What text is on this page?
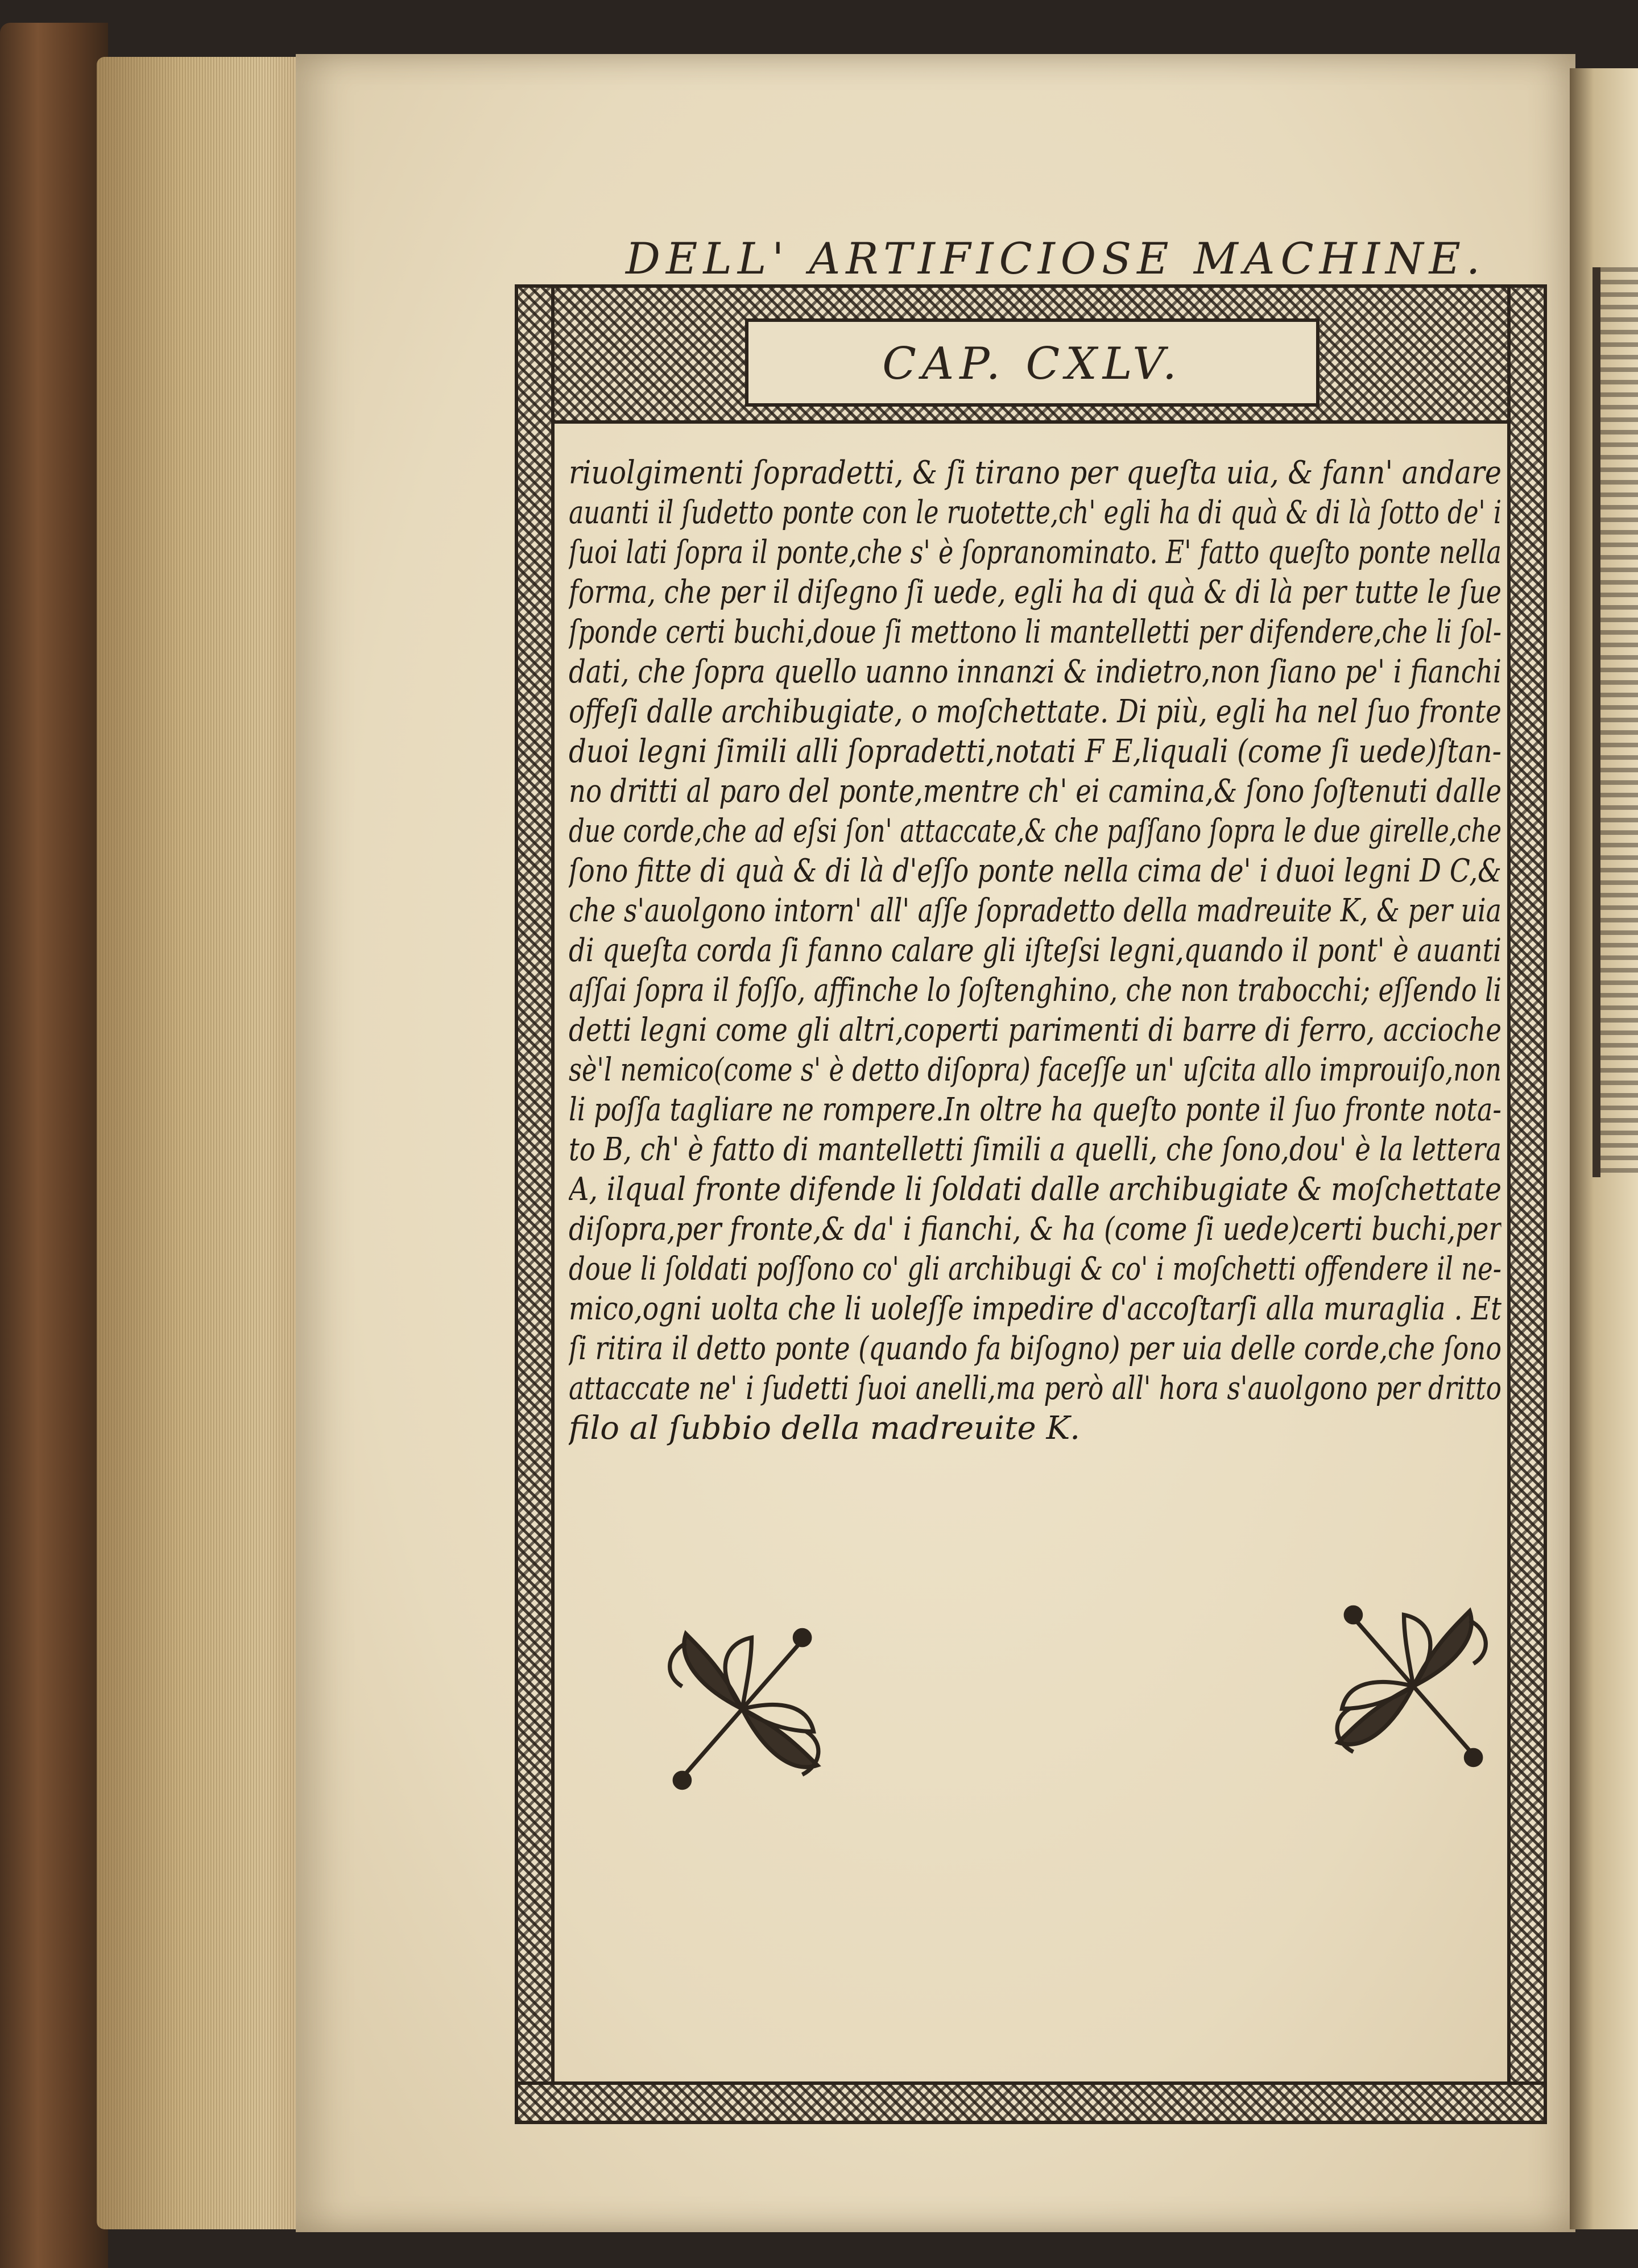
DELL' ARTIFICIOSE MACHINE.
CAP. CXLV.
riuolgimenti ſopradetti, & ſi tirano per queſta uia, & fann' andare
auanti il ſudetto ponte con le ruotette,ch' egli ha di quà & di là ſotto de' i
ſuoi lati ſopra il ponte,che s' è ſopranominato. E' fatto queſto ponte nella
forma, che per il diſegno ſi uede, egli ha di quà & di là per tutte le ſue
ſponde certi buchi,doue ſi mettono li mantelletti per difendere,che li ſol-
dati, che ſopra quello uanno innanzi & indietro,non ſiano pe' i fianchi
offeſi dalle archibugiate, o moſchettate. Di più, egli ha nel ſuo fronte
duoi legni ſimili alli ſopradetti,notati F E,liquali (come ſi uede)ſtan-
no dritti al paro del ponte,mentre ch' ei camina,& ſono ſoſtenuti dalle
due corde,che ad eſsi ſon' attaccate,& che paſſano ſopra le due girelle,che
ſono fitte di quà & di là d'eſſo ponte nella cima de' i duoi legni D C,&
che s'auolgono intorn' all' aſſe ſopradetto della madreuite K, & per uia
di queſta corda ſi fanno calare gli iſteſsi legni,quando il pont' è auanti
aſſai ſopra il foſſo, affinche lo ſoſtenghino, che non trabocchi; eſſendo li
detti legni come gli altri,coperti parimenti di barre di ferro, accioche
sè'l nemico(come s' è detto diſopra) faceſſe un' uſcita allo improuiſo,non
li poſſa tagliare ne rompere.In oltre ha queſto ponte il ſuo fronte nota-
to B, ch' è fatto di mantelletti ſimili a quelli, che ſono,dou' è la lettera
A, ilqual fronte difende li ſoldati dalle archibugiate & moſchettate
diſopra,per fronte,& da' i fianchi, & ha (come ſi uede)certi buchi,per
doue li ſoldati poſſono co' gli archibugi & co' i moſchetti offendere il ne-
mico,ogni uolta che li uoleſſe impedire d'accoſtarſi alla muraglia . Et
ſi ritira il detto ponte (quando fa biſogno) per uia delle corde,che ſono
attaccate ne' i ſudetti ſuoi anelli,ma però all' hora s'auolgono per dritto
filo al ſubbio della madreuite K.
